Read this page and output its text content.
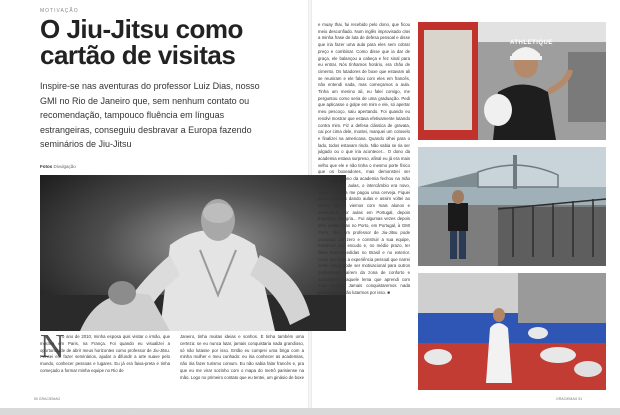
MOTIVAÇÃO
O Jiu-Jitsu como cartão de visitas

Inspire-se nas aventuras do professor Luiz Dias, nosso GMI no Rio de Janeiro que, sem nenhum contato ou recomendação, tampouco fluência em línguas estrangeiras, conseguiu desbravar a Europa fazendo seminários de Jiu-Jitsu

Fotos Divulgação
"JAMAIS CONQUISTAREMOS NADA GRANDIOSO SE NÃO LUTARMOS POR ISSO"
Luiz Dias
N

o ano de 2010, minha esposa quis visitar o irmão, que morava em Paris, na França. Foi quando eu visualizei a oportunidade de abrir meus horizontes como professor de Jiu-Jitsu. Pensei em fazer seminários, ajudar a difundir a arte suave pelo mundo, conhecer pessoas e lugares. Eu já era faixa-preta e tinha começado a formar minha equipe no Rio de

Janeiro, tinha muitas ideias e sonhos. E tinha também uma certeza: se eu nunca lutar, jamais conquistaria nada grandioso, só não lutasse por isso. Então eu comprei uma briga com a minha mulher e meu cunhado: eu iria conhecer as academias, não iria fazer turismo comum. Eu não sabia falar francês e, pra que eu me virar sozinho com o mapa do metrô parisiense na mão. Logo no primeiro contato que eu tentei, um ginásio de boxe

e muay thai, fui recebido pelo dono, que ficou meio desconfiado. Num inglês improvisado citei a minha frase de luta de defesa pessoal e disse que iria fazer uma aula para eles sem cobrar preço e combinar. Como disse que ia dar de graça, ele balançou a cabeça e fez sinal para eu entrar. Nós tínhamos horário, era chão de cimento. Os lutadores de boxe que estavam ali se reuniram e ele falou com eles em francês, não entendi nada, mas começamos a aula. Tinha um menino ali, eu falei comigo, me perguntou como seria de uma graduação. Pedi que aplicasse o golpe em mim e ele, só apertar meu pescoço, saiu apertando. Foi quando eu resolvi mostrar que estava efetivamente lutando contra mim. Fiz a defesa clássica de gravata, cai por cima dele, montei, marquei um cotovelo e finalizei na americana. Quando olhei para o lado, todos estavam rindo. Não sabia se ria ser julgado ou o que iria acontecer... O dono da academia estava surpreso, afinal eu já era mais velho que ele e não tinha o mesmo porte físico que os boxeadores, mas demonstrei ser eficiente. O dono da academia fechou na mão um pacote de aulas, o intercâmbio era novo, amigo, e ainda me pagou uma cerveja. Fiquei duas semanas dando aulas e assim voltei ao Brasil. De lá viemos com mais alunos e seminários por aulas em Portugal, depois Espanha, Hungria... Fui algumas vezes depois sem metas fixas no Porto, em Portugal, à GMI Porto. Sim, um professor de Jiu-Jitsu pode conseguir do zero e construir a sua equipe, fortalecer seu escudo e, no médio prazo, ter filiais bem-sucedidas no Brasil e no exterior. Creio que toda a experiência pessoal que narrei neste artigo pode ser motivacional para outros professores saírem da zona de conforto e acreditarem naquele lema que aprendi com meu mestre: Jamais conquistaremos nada grandioso se não lutarmos por isso. ■
ATHLETIQUE
50 GRACIEMAG	GRACIEMAG 51
